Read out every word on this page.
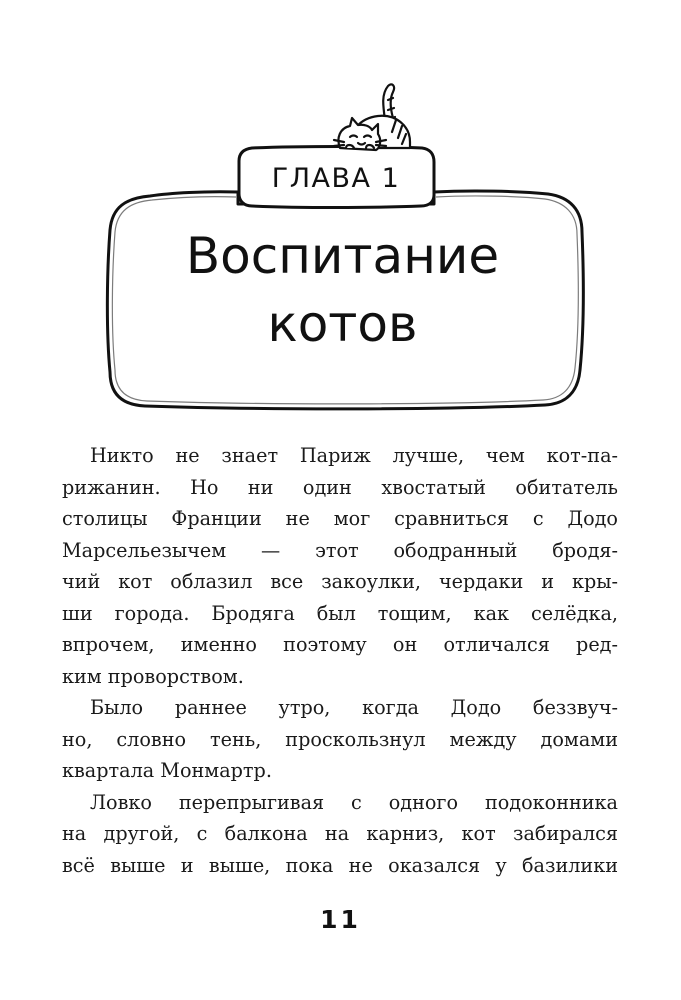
ГЛАВА 1
Воспитание
котов

Никто не знает Париж лучше, чем кот-па-
рижанин. Но ни один хвостатый обитатель
столицы Франции не мог сравниться с Додо
Марсельезычем — этот ободранный бродя-
чий кот облазил все закоулки, чердаки и кры-
ши города. Бродяга был тощим, как селёдка,
впрочем, именно поэтому он отличался ред-
ким проворством.

Было раннее утро, когда Додо беззвуч-
но, словно тень, проскользнул между домами
квартала Монмартр.

Ловко перепрыгивая с одного подоконника
на другой, с балкона на карниз, кот забирался
всё выше и выше, пока не оказался у базилики

11
